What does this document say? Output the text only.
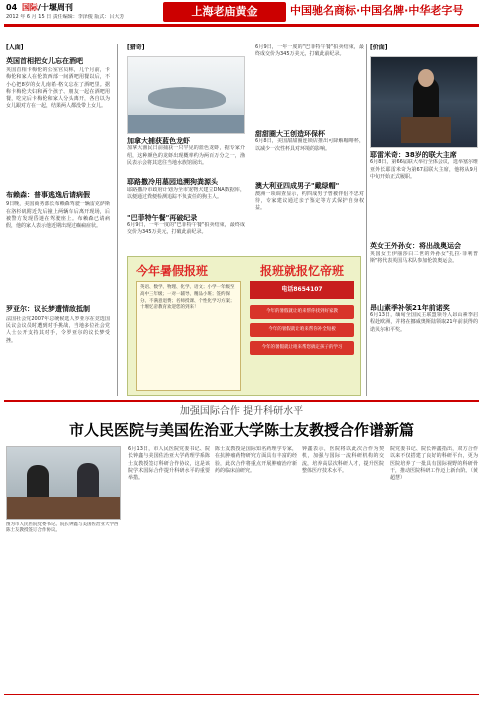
04 国际/十堰周刊
2012 年 6 月 15 日 责任编辑：李泽俊 版式：吕大芳	上海老庙黄金	中国驰名商标·中国名牌·中华老字号
[人面]
英国首相把女儿忘在酒吧
英国首相卡梅伦的公室官员称，几个月前，卡梅伦和家人在伦敦西部一间酒吧用餐以后，不小心把8岁的女儿南希·格文忘在了酒吧里。据称卡梅伦夫妇和两个孩子、朋友一起在酒吧用餐，吃完后卡梅伦和家人分头离开，各自以为女儿跟对方在一起，结果两人都没带上女儿。
布赖森：普事逃逸后请病假
9日晚，美国商务部长布赖森驾驶一辆雷克萨斯在洛杉矶附近先后撞上两辆车后离开现场，后被警方发现昏迷在驾驶座上。布赖森已请病假，他的家人表示他近期出现过癫痫症状。
罗亚尔：议长梦遭情敌抵制
法国社会党2007年总统候选人罗亚尔在竞选国民议会议员时遭到对手挑战，当地多位社会党人士公开支持其对手，令罗亚尔的议长梦受挫。
[猎奇]
加拿大捕获蓝色龙虾
加拿大渔民日前捕获一只罕见的蓝色龙虾，据专家介绍，这种颜色的龙虾出现概率约为两百万分之一，渔民表示会将其送往当地水族馆展出。
耶路撒冷用墓园追溯狗粪源头
耶路撒冷市政府计划为全市宠物犬建立DNA数据库，以便通过粪便检测追踪不负责任的狗主人。
"巴菲特午餐"再破纪录
6月9日，一年一度的"巴菲特午餐"拍卖结束，最终成交价为345万美元，打破此前纪录。
6月9日，一年一度的"巴菲特午餐"拍卖结束，最终成交价为345万美元，打破此前纪录。
甜甜圈大王创造环保杯
6月8日，美国甜甜圈连锁店推出可降解咖啡杯，以减少一次性杯具对环境的影响。
澳大利亚四成男子"戴绿帽"
澳洲一项调查显示，约四成男子曾被伴侣不忠对待，专家建议通过亲子鉴定等方式保护自身权益。
[价面]
耶雷米奇：38岁的联大主席
6月8日，第66届联大举行全体会议，选举塞尔维亚外长耶雷米奇为第67届联大主席，他将从9月中旬开始正式履职。
英女王外孙女：将出战奥运会
英国女王伊丽莎白二世的外孙女"扎拉·菲利普斯"将代表英国马术队参加伦敦奥运会。
昂山素季补领21年前诺奖
6月13日，缅甸全国民主联盟领导人昂山素季启程赴欧洲，并将在挪威奥斯陆领取21年前获得的诺贝尔和平奖。
今年暑假报班	报班就报忆帝班
英语、数学、物理、化学、语文；小学一年级至高中三年级；一对一辅导、精品小班；签约保分、不满意退费；名师授课、个性化学习方案；十堰忆帝教育欢迎您的到来！
电话8654107
今年的暑假就让咱来帮你找到好家教
今年的暑假就让咱来帮你补全短板
今年的暑假就让咱来帮您搞定孩子的学习
加强国际合作 提升科研水平
市人民医院与美国佐治亚大学陈士友教授合作谱新篇
图为市人民医院党委书记、院长钟鑫与美国佐治亚大学西陈士友教授签订合作协议。
6月13日，市人民医院党委书记、院长钟鑫与美国佐治亚大学药理学系陈士友教授签订科研合作协议，这是该院学术国际合作提升科研水平的重要举措。
陈士友教授是国际知名药理学专家，在抗肿瘤药物研究方面具有丰富的经验，此次合作将重点开展肿瘤治疗新药的临床前研究。
钟鑫表示，医院将以此次合作为契机，加强与国际一流科研机构的交流，培养高层次科研人才，提升医院整体医疗技术水平。
院党委书记、院长钟鑫指出，双方合作以来不仅搭建了良好的科研平台，更为医院培养了一批具有国际视野的科研骨干，推动医院科研工作迈上新台阶。（黄超慧）
